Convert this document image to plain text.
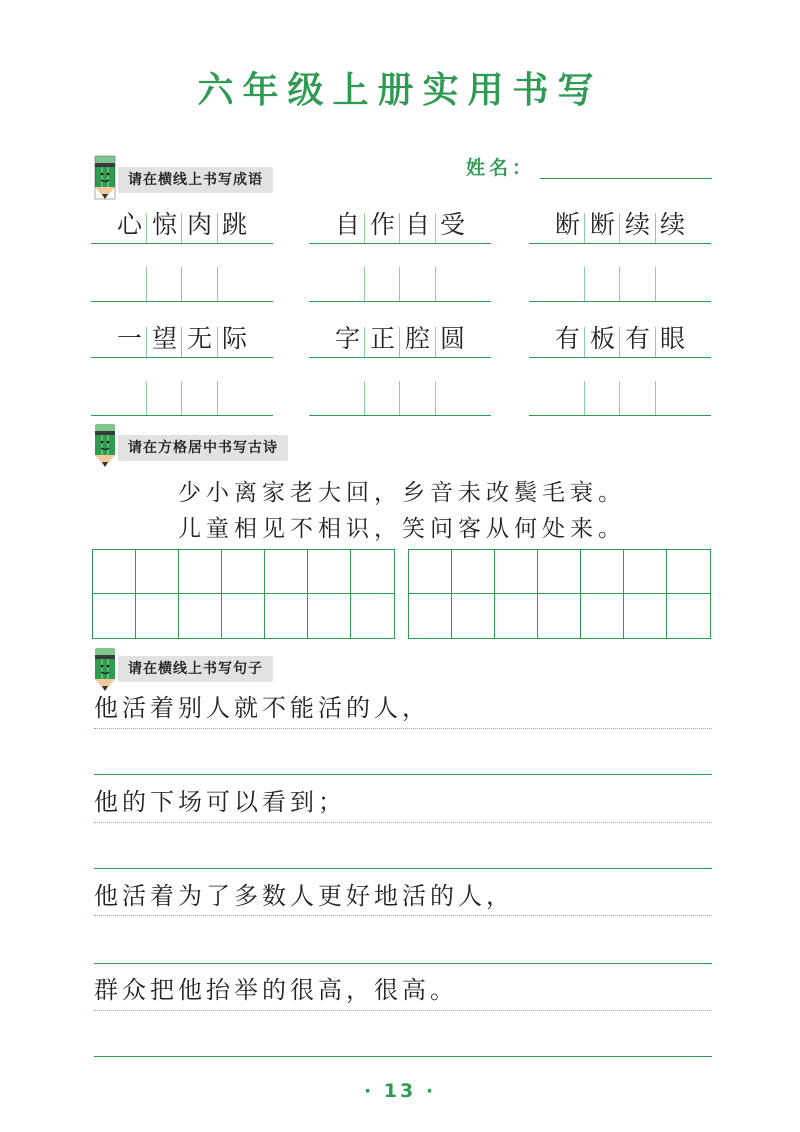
六年级上册实用书写
请在横线上书写成语
姓名：
心 惊 肉 跳	自 作 自 受	断 断 续 续
一 望 无 际	字 正 腔 圆	有 板 有 眼
请在方格居中书写古诗
少小离家老大回，乡音未改鬓毛衰。
儿童相见不相识，笑问客从何处来。
请在横线上书写句子
他活着别人就不能活的人，
他的下场可以看到；
他活着为了多数人更好地活的人，
群众把他抬举的很高，很高。
· 13 ·
